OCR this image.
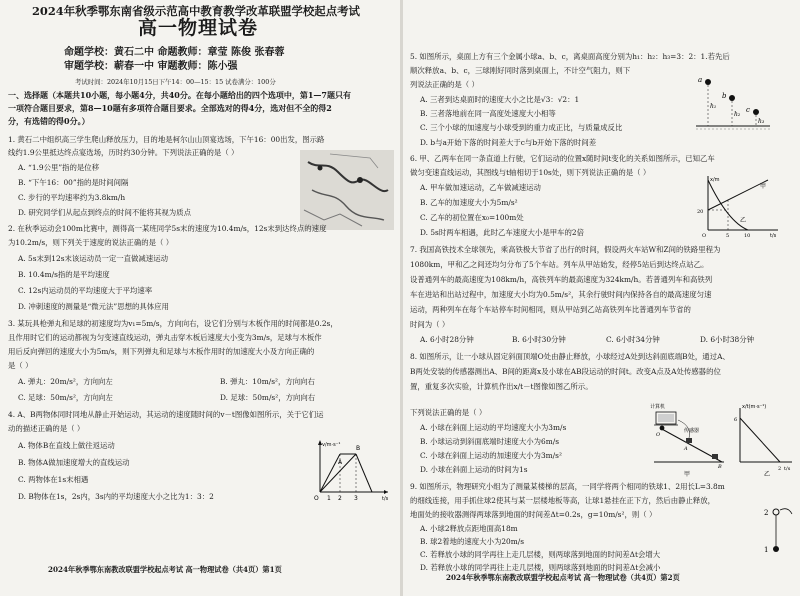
2024年秋季鄂东南省级示范高中教育教学改革联盟学校起点考试
高一物理试卷
命题学校：黄石二中 命题教师：章莹 陈俊 张春蓉
审题学校：蕲春一中 审题教师：陈小强
考试时间：2024年10月15日下午14：00—15：15 试卷满分：100分
一、选择题（本题共10小题，每小题4分，共40分。在每小题给出的四个选项中，第1—7题只有
一项符合题目要求，第8—10题有多项符合题目要求。全部选对的得4分，选对但不全的得2
分，有选错的得0分。）
1. 黄石二中组织高三学生爬山释放压力，目的地是柯尔山山顶宴选场，下午16：00出发，图示路
线约1.9公里抵达终点宴选场，历时约30分钟。下列说法正确的是（ ）
A. “1.9公里”指的是位移
B. “下午16：00”指的是时间间隔
C. 步行的平均速率约为3.8km/h
D. 研究同学们从起点到终点的时间不能将其视为质点
2. 在秋季运动会100m比赛中，测得高一某班同学5s末的速度为10.4m/s，12s末到达终点的速度
为10.2m/s，则下列关于速度的说法正确的是（ ）
A. 5s末到12s末该运动员一定一直做减速运动
B. 10.4m/s指的是平均速度
C. 12s内运动员的平均速度大于平均速率
D. 冲刺速度的测量是“微元法”思想的具体应用
3. 某玩具枪弹丸和足球的初速度均为v₁=5m/s，方向向右，设它们分别与木板作用的时间都是0.2s，
且作用时它们的运动都视为匀变速直线运动，弹丸击穿木板后速度大小变为3m/s，足球与木板作
用后反向弹回的速度大小为5m/s，则下列弹丸和足球与木板作用时的加速度大小及方向正确的
是（ ）
A. 弹丸：20m/s²，方向向左	B. 弹丸：10m/s²，方向向右
C. 足球：50m/s²，方向向左	D. 足球：50m/s²，方向向右
4. A、B两物体同时同地从静止开始运动，其运动的速度随时间的v－t图像如图所示，关于它们运
动的描述正确的是（ ）
A. 物体B在直线上做往返运动
B. 物体A做加速度增大的直线运动
C. 两物体在1s末相遇
D. B物体在1s，2s内，3s内的平均速度大小之比为1：3：2
v/m·s⁻¹
t/s
O
A
B
1 2 3
2024年秋季鄂东南教改联盟学校起点考试 高一物理试卷（共4页）第1页
5. 如图所示，桌面上方有三个金属小球a、b、c，离桌面高度分别为h₁：h₂：h₃=3：2：1.若先后
顺次释放a、b、c，三球刚好同时落到桌面上，不计空气阻力，则下
列说法正确的是（ ）
A. 三者到达桌面时的速度大小之比是√3：√2：1
B. 三者落地前在同一高度处速度大小相等
C. 三个小球的加速度与小球受到的重力成正比，与质量成反比
D. b与a开始下落的时间差大于c与b开始下落的时间差
a
b
c
h₁
h₂
h₃
6. 甲、乙两车在同一条直道上行驶，它们运动的位置x随时间t变化的关系如图所示，已知乙车
做匀变速直线运动，其图线与t轴相切于10s处，则下列说法正确的是（ ）
A. 甲车做加速运动，乙车做减速运动
B. 乙车的加速度大小为5m/s²
C. 乙车的初位置在x₀=100m处
D. 5s时两车相遇，此时乙车速度大小是甲车的2倍
x/m
t/s
甲
乙
20
5	10
O
7. 我国高铁技术全球领先，乘高铁极大节省了出行的时间，假设两火车站W和Z间的铁路里程为
1080km，甲和乙之间还均匀分布了5个车站。列车从甲站始发，经停5站后到达终点站乙。
设普通列车的最高速度为108km/h，高铁列车的最高速度为324km/h。若普通列车和高铁列
车在进站和出站过程中，加速度大小均为0.5m/s²，其余行驶时间内保持各自的最高速度匀速
运动，两种列车在每个车站停车时间相同，则从甲站到乙站高铁列车比普通列车节省的
时间为（ ）
A. 6小时28分钟	B. 6小时30分钟	C. 6小时34分钟	D. 6小时38分钟
8. 如图所示，让一小球从固定斜面顶端O处由静止释放，小球经过A处到达斜面底端B处，通过A、
B两处安装的传感器测出A、B间的距离x及小球在AB段运动的时间t。改变A点及A处传感器的位
置，重复多次实验，计算机作出x/t－t图像如图乙所示。
下列说法正确的是（ ）
A. 小球在斜面上运动的平均速度大小为3m/s
B. 小球运动到斜面底端时速度大小为6m/s
C. 小球在斜面上运动的加速度大小为3m/s²
D. 小球在斜面上运动的时间为1s
计算机
传感器
O
A
B
甲
x/t(m·s⁻¹)
t/s
6
2
乙
9. 如图所示，物理研究小组为了测量某楼梯的层高，一同学将两个相同的铁球1、2用长L=3.8m
的细线连接，用手抓住球2使其与某一层楼地板等高，让球1悬挂在正下方，然后由静止释放，
地面处的接收器测得两球落到地面的时间差Δt=0.2s，g=10m/s²，则（ ）
A. 小球2释放点距地面高18m
B. 球2着地的速度大小为20m/s
C. 若释放小球的同学再往上走几层楼，则两球落到地面的时间差Δt会增大
D. 若释放小球的同学再往上走几层楼，则两球落到地面的时间差Δt会减小
2
1
2024年秋季鄂东南教改联盟学校起点考试 高一物理试卷（共4页）第2页
